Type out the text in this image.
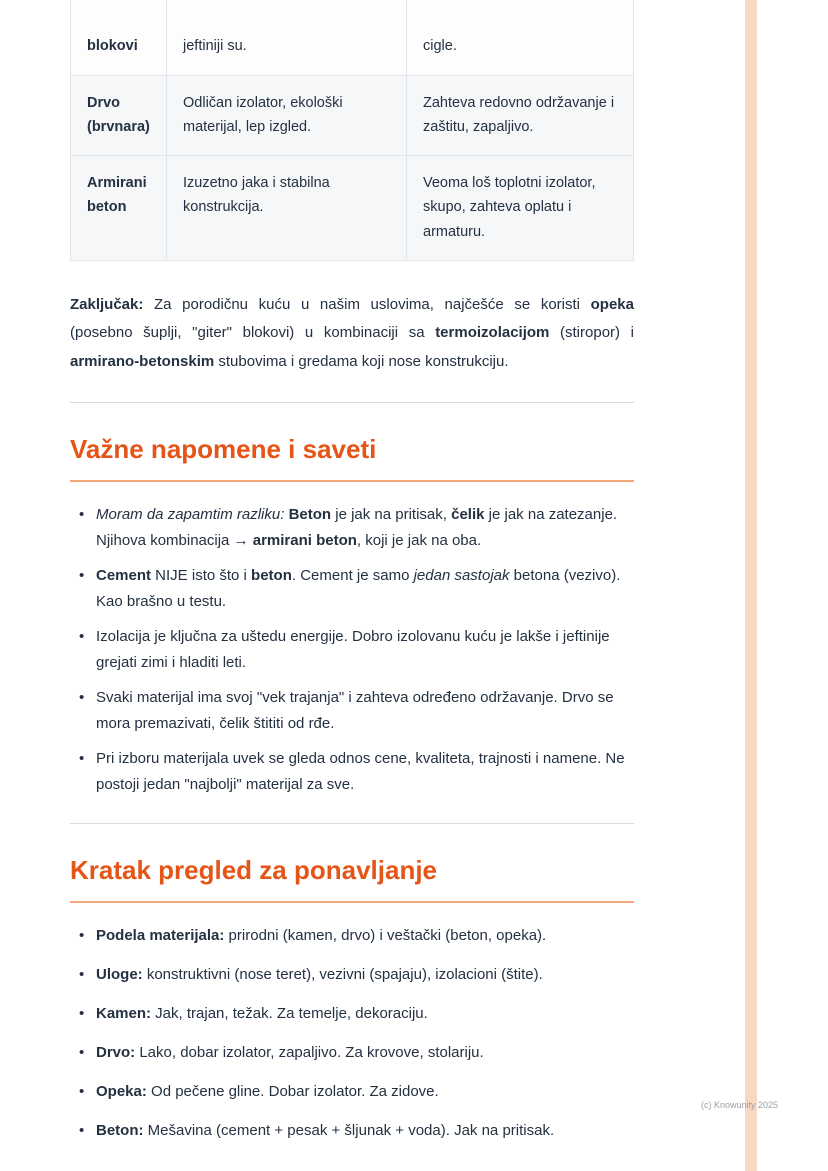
blokovi	jeftiniji su.	cigle.
Drvo (brvnara)	Odličan izolator, ekološki materijal, lep izgled.	Zahteva redovno održavanje i zaštitu, zapaljivo.
Armirani beton	Izuzetno jaka i stabilna konstrukcija.	Veoma loš toplotni izolator, skupo, zahteva oplatu i armaturu.

Zaključak: Za porodičnu kuću u našim uslovima, najčešće se koristi opeka (posebno šuplji, "giter" blokovi) u kombinaciji sa termoizolacijom (stiropor) i armirano-betonskim stubovima i gredama koji nose konstrukciju.

Važne napomene i saveti
• Moram da zapamtim razliku: Beton je jak na pritisak, čelik je jak na zatezanje. Njihova kombinacija → armirani beton, koji je jak na oba.
• Cement NIJE isto što i beton. Cement je samo jedan sastojak betona (vezivo). Kao brašno u testu.
• Izolacija je ključna za uštedu energije. Dobro izolovanu kuću je lakše i jeftinije grejati zimi i hladiti leti.
• Svaki materijal ima svoj "vek trajanja" i zahteva određeno održavanje. Drvo se mora premazivati, čelik štititi od rđe.
• Pri izboru materijala uvek se gleda odnos cene, kvaliteta, trajnosti i namene. Ne postoji jedan "najbolji" materijal za sve.
Kratak pregled za ponavljanje
• Podela materijala: prirodni (kamen, drvo) i veštački (beton, opeka).
• Uloge: konstruktivni (nose teret), vezivni (spajaju), izolacioni (štite).
• Kamen: Jak, trajan, težak. Za temelje, dekoraciju.
• Drvo: Lako, dobar izolator, zapaljivo. Za krovove, stolariju.
• Opeka: Od pečene gline. Dobar izolator. Za zidove.
• Beton: Mešavina (cement + pesak + šljunak + voda). Jak na pritisak.
(c) Knowunity 2025
